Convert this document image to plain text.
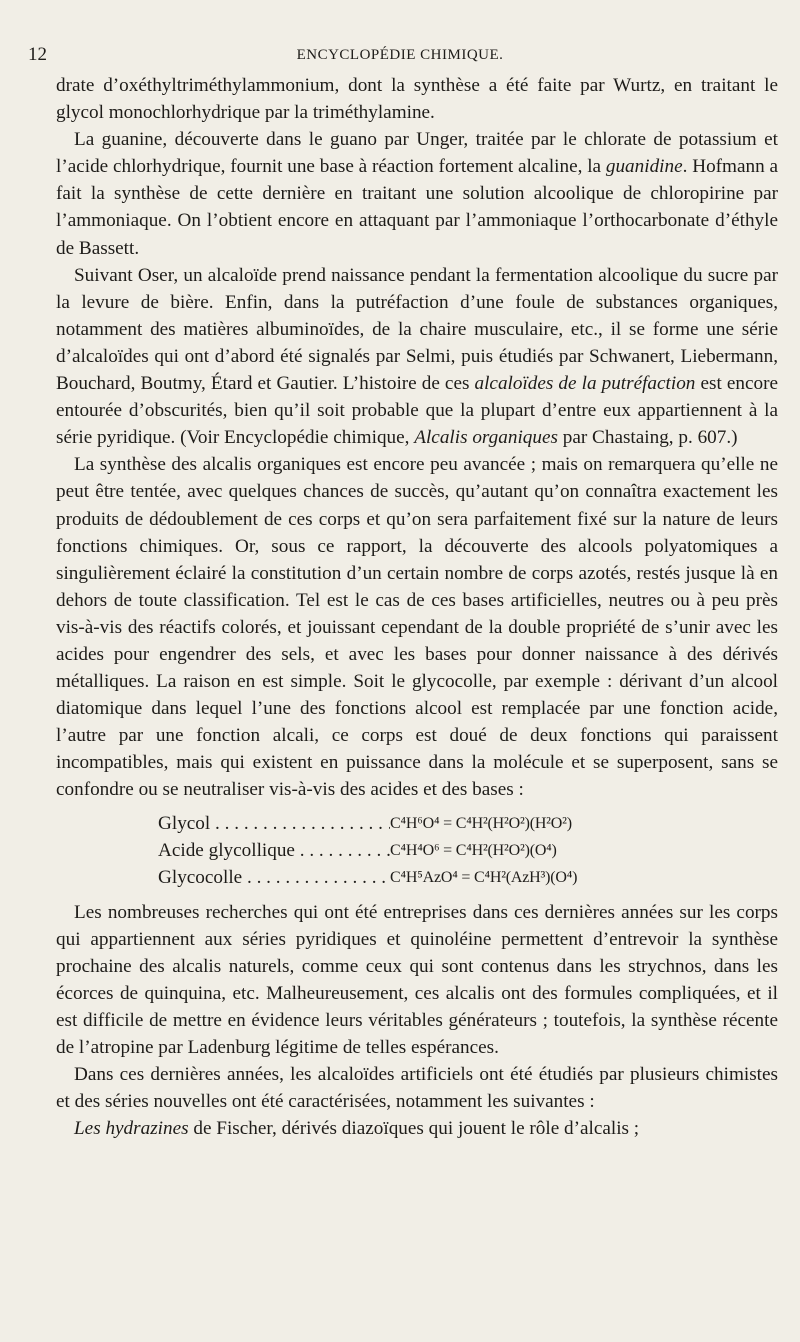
12	ENCYCLOPÉDIE CHIMIQUE.

drate d’oxéthyltriméthylammonium, dont la synthèse a été faite par Wurtz, en traitant le glycol monochlorhydrique par la triméthylamine.

La guanine, découverte dans le guano par Unger, traitée par le chlorate de potassium et l’acide chlorhydrique, fournit une base à réaction fortement alcaline, la guanidine. Hofmann a fait la synthèse de cette dernière en traitant une solution alcoolique de chloropirine par l’ammoniaque. On l’obtient encore en attaquant par l’ammoniaque l’orthocarbonate d’éthyle de Bassett.

Suivant Oser, un alcaloïde prend naissance pendant la fermentation alcoolique du sucre par la levure de bière. Enfin, dans la putréfaction d’une foule de substances organiques, notamment des matières albuminoïdes, de la chaire musculaire, etc., il se forme une série d’alcaloïdes qui ont d’abord été signalés par Selmi, puis étudiés par Schwanert, Liebermann, Bouchard, Boutmy, Étard et Gautier. L’histoire de ces alcaloïdes de la putréfaction est encore entourée d’obscurités, bien qu’il soit probable que la plupart d’entre eux appartiennent à la série pyridique. (Voir Encyclopédie chimique, Alcalis organiques par Chastaing, p. 607.)

La synthèse des alcalis organiques est encore peu avancée ; mais on remarquera qu’elle ne peut être tentée, avec quelques chances de succès, qu’autant qu’on connaîtra exactement les produits de dédoublement de ces corps et qu’on sera parfaitement fixé sur la nature de leurs fonctions chimiques. Or, sous ce rapport, la découverte des alcools polyatomiques a singulièrement éclairé la constitution d’un certain nombre de corps azotés, restés jusque là en dehors de toute classification. Tel est le cas de ces bases artificielles, neutres ou à peu près vis-à-vis des réactifs colorés, et jouissant cependant de la double propriété de s’unir avec les acides pour engendrer des sels, et avec les bases pour donner naissance à des dérivés métalliques. La raison en est simple. Soit le glycocolle, par exemple : dérivant d’un alcool diatomique dans lequel l’une des fonctions alcool est remplacée par une fonction acide, l’autre par une fonction alcali, ce corps est doué de deux fonctions qui paraissent incompatibles, mais qui existent en puissance dans la molécule et se superposent, sans se confondre ou se neutraliser vis-à-vis des acides et des bases :

Glycol . . .	C⁴H⁶O⁴ = C⁴H²(H²O²)(H²O²)
Acide glycollique . . .	C⁴H⁴O⁶ = C⁴H²(H²O²)(O⁴)
Glycocolle . . .	C⁴H⁵AzO⁴ = C⁴H²(AzH³)(O⁴)

Les nombreuses recherches qui ont été entreprises dans ces dernières années sur les corps qui appartiennent aux séries pyridiques et quinoléine permettent d’entrevoir la synthèse prochaine des alcalis naturels, comme ceux qui sont contenus dans les strychnos, dans les écorces de quinquina, etc. Malheureusement, ces alcalis ont des formules compliquées, et il est difficile de mettre en évidence leurs véritables générateurs ; toutefois, la synthèse récente de l’atropine par Ladenburg légitime de telles espérances.

Dans ces dernières années, les alcaloïdes artificiels ont été étudiés par plusieurs chimistes et des séries nouvelles ont été caractérisées, notamment les suivantes :

Les hydrazines de Fischer, dérivés diazoïques qui jouent le rôle d’alcalis ;
